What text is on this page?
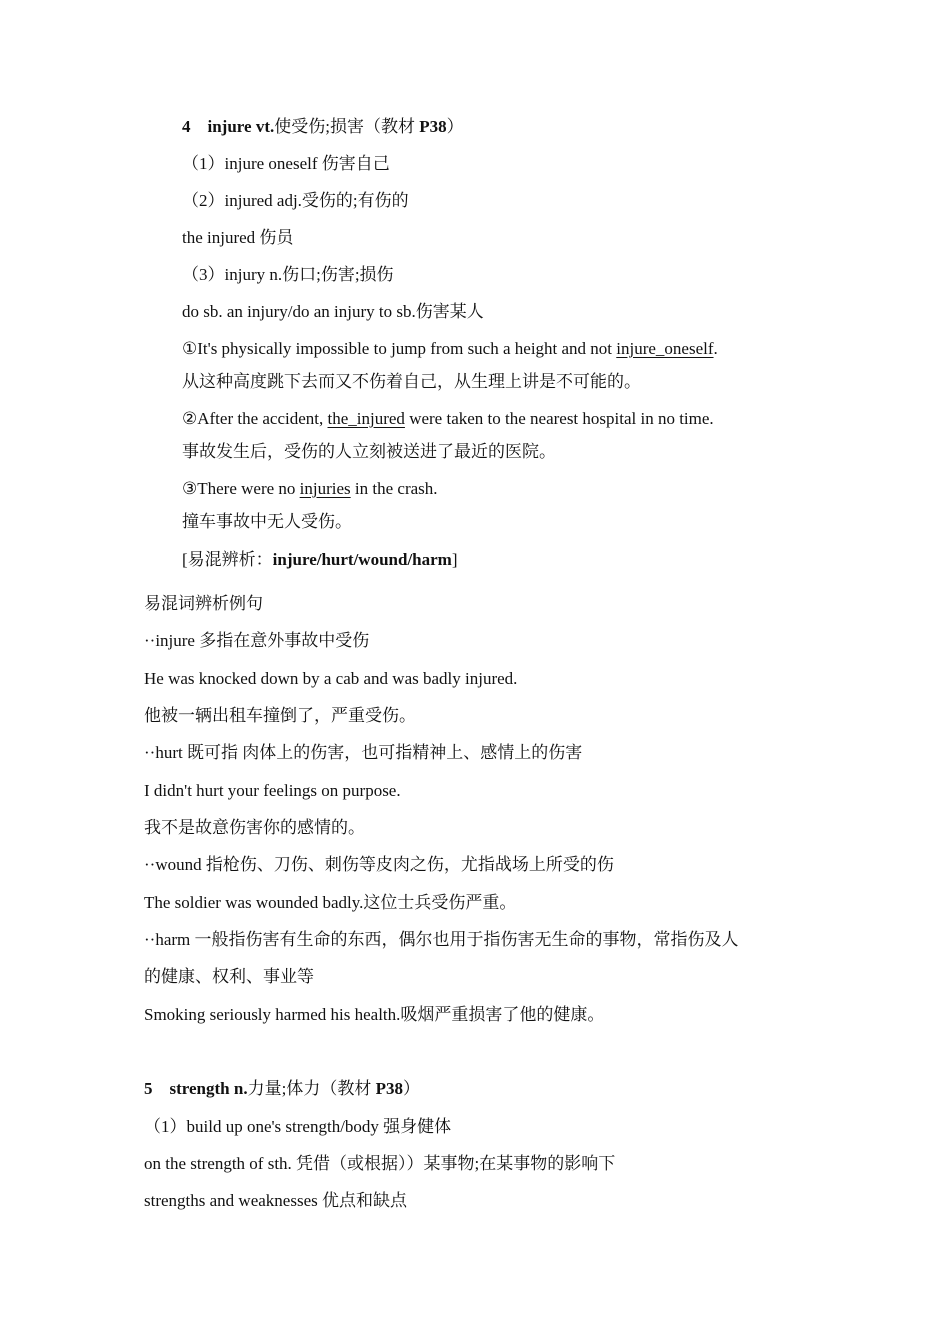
4 injure vt.使受伤;损害（教材 P38）
（1）injure oneself 伤害自己
（2）injured adj.受伤的;有伤的
the injured 伤员
（3）injury n.伤口;伤害;损伤
do sb. an injury/do an injury to sb.伤害某人
①It's physically impossible to jump from such a height and not injure_oneself.
从这种高度跳下去而又不伤着自己，从生理上讲是不可能的。
②After the accident, the_injured were taken to the nearest hospital in no time.
事故发生后，受伤的人立刻被送进了最近的医院。
③There were no injuries in the crash.
撞车事故中无人受伤。
[易混辨析：injure/hurt/wound/harm]
易混词辨析例句
··injure 多指在意外事故中受伤
He was knocked down by a cab and was badly injured.
他被一辆出租车撞倒了，严重受伤。
··hurt 既可指 肉体上的伤害，也可指精神上、感情上的伤害
I didn't hurt your feelings on purpose.
我不是故意伤害你的感情的。
··wound 指枪伤、刀伤、刺伤等皮肉之伤，尤指战场上所受的伤
The soldier was wounded badly.这位士兵受伤严重。
··harm 一般指伤害有生命的东西，偶尔也用于指伤害无生命的事物，常指伤及人
的健康、权利、事业等
Smoking seriously harmed his health.吸烟严重损害了他的健康。
5 strength n.力量;体力（教材 P38）
（1）build up one's strength/body 强身健体
on the strength of sth. 凭借（或根据））某事物;在某事物的影响下
strengths and weaknesses 优点和缺点
